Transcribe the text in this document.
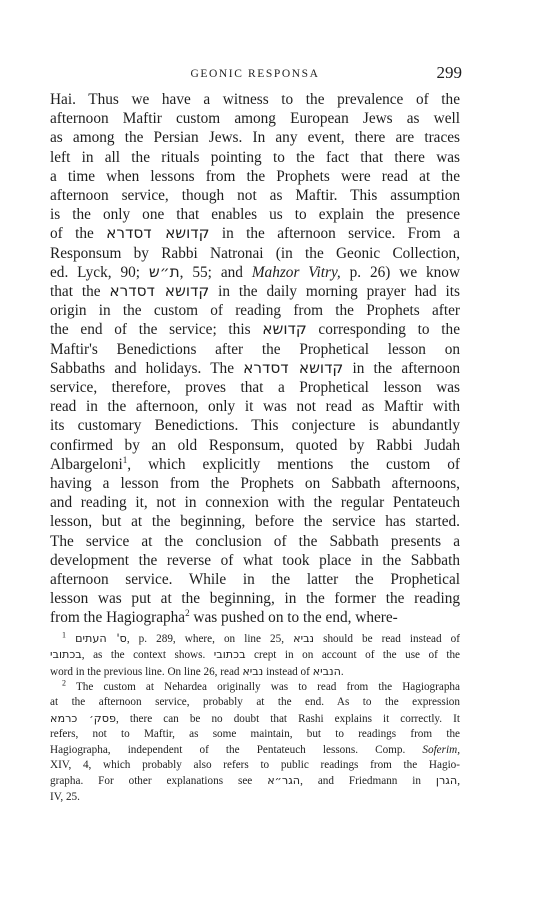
GEONIC RESPONSA	299
Hai. Thus we have a witness to the prevalence of the
afternoon Maftir custom among European Jews as well
as among the Persian Jews. In any event, there are traces
left in all the rituals pointing to the fact that there was
a time when lessons from the Prophets were read at the
afternoon service, though not as Maftir. This assumption
is the only one that enables us to explain the presence
of the קדושא דסדרא in the afternoon service. From a
Responsum by Rabbi Natronai (in the Geonic Collection,
ed. Lyck, 90; ת״ש, 55; and Mahzor Vitry, p. 26) we know
that the קדושא דסדרא in the daily morning prayer had its
origin in the custom of reading from the Prophets after
the end of the service; this קדושא corresponding to the
Maftir's Benedictions after the Prophetical lesson on
Sabbaths and holidays. The קדושא דסדרא in the afternoon
service, therefore, proves that a Prophetical lesson was
read in the afternoon, only it was not read as Maftir with
its customary Benedictions. This conjecture is abundantly
confirmed by an old Responsum, quoted by Rabbi Judah
Albargeloni$^1$, which explicitly mentions the custom of
having a lesson from the Prophets on Sabbath afternoons,
and reading it, not in connexion with the regular Pentateuch
lesson, but at the beginning, before the service has started.
The service at the conclusion of the Sabbath presents a
development the reverse of what took place in the Sabbath
afternoon service. While in the latter the Prophetical
lesson was put at the beginning, in the former the reading
from the Hagiographa$^2$ was pushed on to the end, where-
$^1$ ס' העתים, p. 289, where, on line 25, נביא should be read instead of
בכתובי, as the context shows. בכתובי crept in on account of the use of the
word in the previous line. On line 26, read נביא instead of הנביא.
$^2$ The custom at Nehardea originally was to read from the Hagiographa
at the afternoon service, probably at the end. As to the expression
פסק׳ כרמא, there can be no doubt that Rashi explains it correctly. It
refers, not to Maftir, as some maintain, but to readings from the
Hagiographa, independent of the Pentateuch lessons. Comp. Soferim,
XIV, 4, which probably also refers to public readings from the Hagio-
grapha. For other explanations see הגר״א, and Friedmann in הגרן,
IV, 25.
